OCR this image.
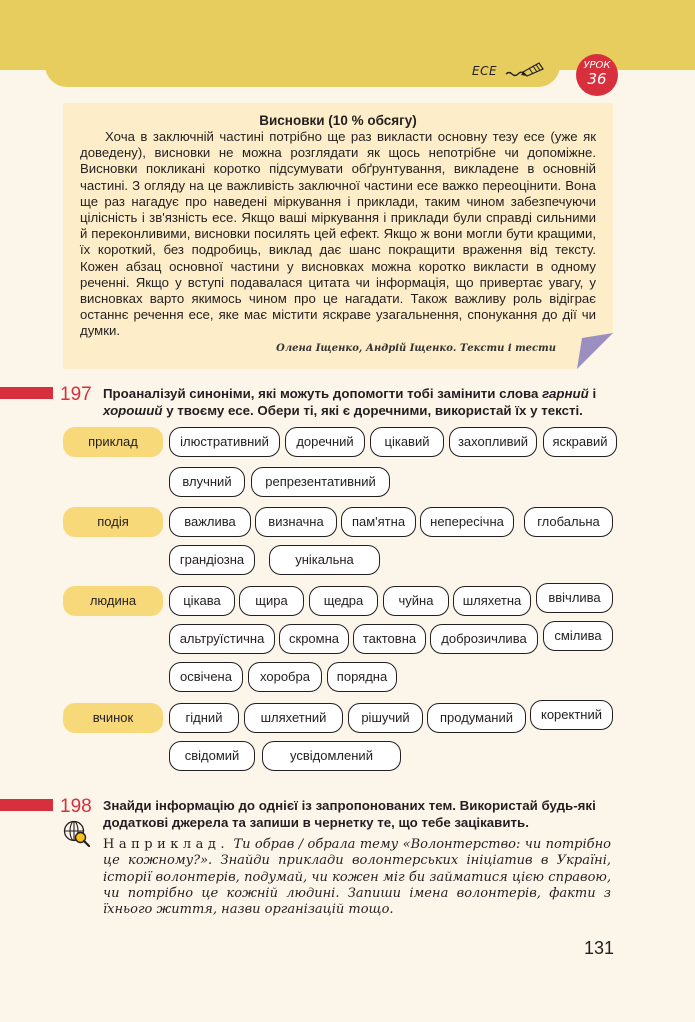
ЕСЕ	УРОК
36
Висновки (10 % обсягу)
Хоча в заключній частині потрібно ще раз викласти основну тезу есе (уже як доведену), висновки не можна розглядати як щось непотрібне чи допоміжне. Висновки покликані коротко підсумувати обґрунтування, викладене в основній частині. З огляду на це важливість заключної частини есе важко переоцінити. Вона ще раз нагадує про наведені міркування і приклади, таким чином забезпечуючи цілісність і зв'язність есе. Якщо ваші міркування і приклади були справді сильними й переконливими, висновки посилять цей ефект. Якщо ж вони могли бути кращими, їх короткий, без подробиць, виклад дає шанс покращити враження від тексту. Кожен абзац основної частини у висновках можна коротко викласти в одному реченні. Якщо у вступі подавалася цитата чи інформація, що привертає увагу, у висновках варто якимось чином про це нагадати. Також важливу роль відіграє останнє речення есе, яке має містити яскраве узагальнення, спонукання до дії чи думки.
Олена Іщенко, Андрій Іщенко. Тексти і тести
197 Проаналізуй синоніми, які можуть допомогти тобі замінити слова гарний і хороший у твоєму есе. Обери ті, які є доречними, використай їх у тексті.
приклад	ілюстративний	доречний	цікавий	захопливий	яскравий
влучний	репрезентативний
подія	важлива	визначна	пам'ятна	непересічна	глобальна
грандіозна	унікальна
людина	цікава	щира	щедра	чуйна	шляхетна	ввічлива
альтруїстична	скромна	тактовна	доброзичлива	смілива
освічена	хоробра	порядна
вчинок	гідний	шляхетний	рішучий	продуманий	коректний
свідомий	усвідомлений
198 Знайди інформацію до однієї із запропонованих тем. Використай будь-які додаткові джерела та запиши в чернетку те, що тебе зацікавить.
Наприклад. Ти обрав / обрала тему «Волонтерство: чи потрібно це кожному?». Знайди приклади волонтерських ініціатив в Україні, історії волонтерів, подумай, чи кожен міг би займатися цією справою, чи потрібно це кожній людині. Запиши імена волонтерів, факти з їхнього життя, назви організацій тощо.
131
